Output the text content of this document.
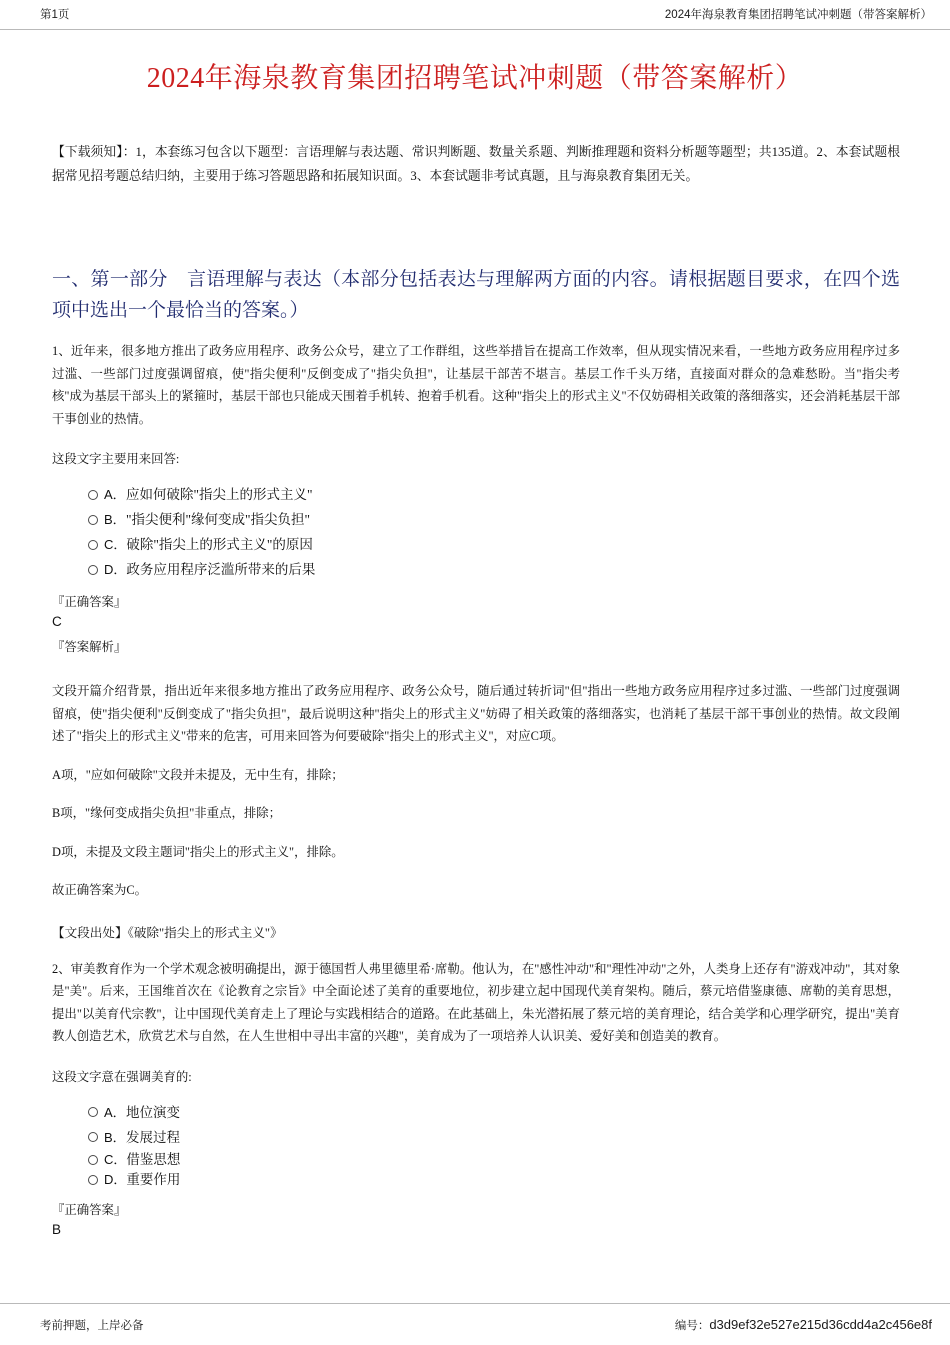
第1页	2024年海泉教育集团招聘笔试冲刺题（带答案解析）
2024年海泉教育集团招聘笔试冲刺题（带答案解析）

【下载须知】：1，本套练习包含以下题型：言语理解与表达题、常识判断题、数量关系题、判断推理题和资料分析题等题型；共135道。2、本套试题根据常见招考题总结归纳，主要用于练习答题思路和拓展知识面。3、本套试题非考试真题，且与海泉教育集团无关。

一、第一部分　言语理解与表达（本部分包括表达与理解两方面的内容。请根据题目要求，在四个选项中选出一个最恰当的答案。）

1、近年来，很多地方推出了政务应用程序、政务公众号，建立了工作群组，这些举措旨在提高工作效率，但从现实情况来看，一些地方政务应用程序过多过滥、一些部门过度强调留痕，使"指尖便利"反倒变成了"指尖负担"，让基层干部苦不堪言。基层工作千头万绪，直接面对群众的急难愁盼。当"指尖考核"成为基层干部头上的紧箍时，基层干部也只能成天围着手机转、抱着手机看。这种"指尖上的形式主义"不仅妨碍相关政策的落细落实，还会消耗基层干部干事创业的热情。

这段文字主要用来回答:

A． 应如何破除"指尖上的形式主义"
B． "指尖便利"缘何变成"指尖负担"
C． 破除"指尖上的形式主义"的原因
D． 政务应用程序泛滥所带来的后果

『正确答案』

C

『答案解析』

文段开篇介绍背景，指出近年来很多地方推出了政务应用程序、政务公众号，随后通过转折词"但"指出一些地方政务应用程序过多过滥、一些部门过度强调留痕，使"指尖便利"反倒变成了"指尖负担"，最后说明这种"指尖上的形式主义"妨碍了相关政策的落细落实，也消耗了基层干部干事创业的热情。故文段阐述了"指尖上的形式主义"带来的危害，可用来回答为何要破除"指尖上的形式主义"，对应C项。

A项，"应如何破除"文段并未提及，无中生有，排除；

B项，"缘何变成指尖负担"非重点，排除；

D项，未提及文段主题词"指尖上的形式主义"，排除。

故正确答案为C。

【文段出处】《破除"指尖上的形式主义"》

2、审美教育作为一个学术观念被明确提出，源于德国哲人弗里德里希·席勒。他认为，在"感性冲动"和"理性冲动"之外，人类身上还存有"游戏冲动"，其对象是"美"。后来，王国维首次在《论教育之宗旨》中全面论述了美育的重要地位，初步建立起中国现代美育架构。随后，蔡元培借鉴康德、席勒的美育思想，提出"以美育代宗教"，让中国现代美育走上了理论与实践相结合的道路。在此基础上，朱光潜拓展了蔡元培的美育理论，结合美学和心理学研究，提出"美育教人创造艺术，欣赏艺术与自然，在人生世相中寻出丰富的兴趣"，美育成为了一项培养人认识美、爱好美和创造美的教育。

这段文字意在强调美育的:

A． 地位演变
B． 发展过程
C． 借鉴思想
D． 重要作用

『正确答案』

B

考前押题，上岸必备	编号：d3d9ef32e527e215d36cdd4a2c456e8f
